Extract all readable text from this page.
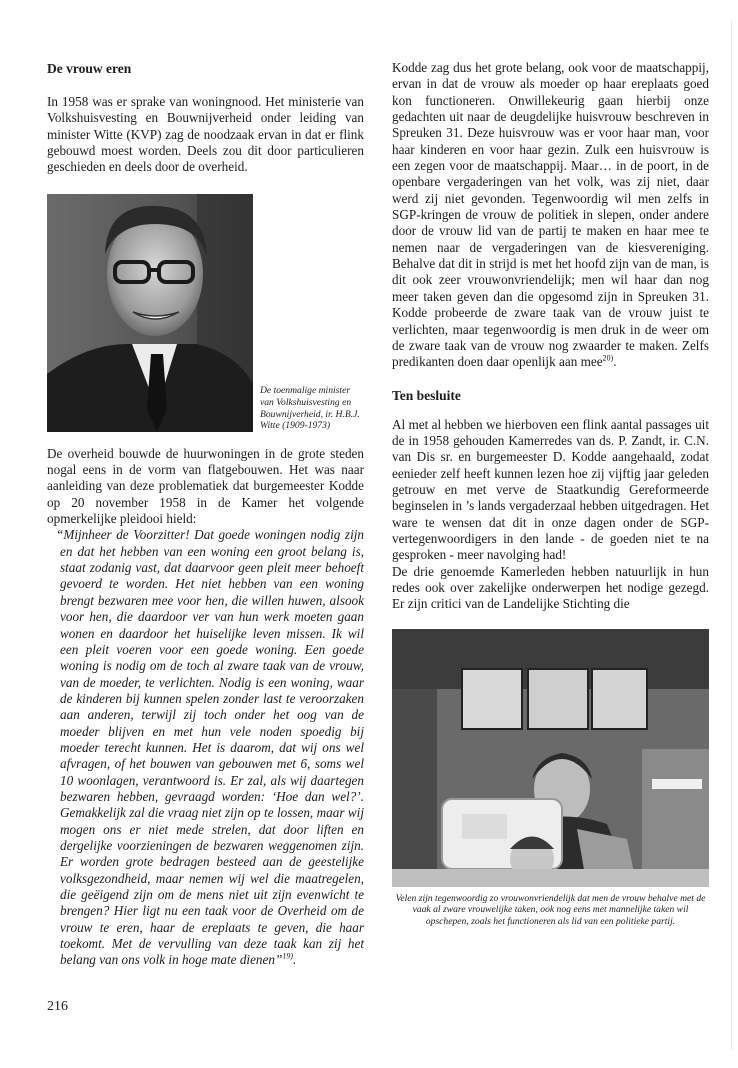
De vrouw eren

In 1958 was er sprake van woningnood. Het ministerie van Volkshuisvesting en Bouwnijverheid onder leiding van minister Witte (KVP) zag de noodzaak ervan in dat er flink gebouwd moest worden. Deels zou dit door particulieren geschieden en deels door de overheid.

De toenmalige minister van Volkshuisvesting en Bouwnijverheid, ir. H.B.J. Witte (1909-1973)

De overheid bouwde de huurwoningen in de grote steden nogal eens in de vorm van flatgebouwen. Het was naar aanleiding van deze problematiek dat burgemeester Kodde op 20 november 1958 in de Kamer het volgende opmerkelijke pleidooi hield:

“Mijnheer de Voorzitter! Dat goede woningen nodig zijn en dat het hebben van een woning een groot belang is, staat zodanig vast, dat daarvoor geen pleit meer behoeft gevoerd te worden. Het niet hebben van een woning brengt bezwaren mee voor hen, die willen huwen, alsook voor hen, die daardoor ver van hun werk moeten gaan wonen en daardoor het huiselijke leven missen. Ik wil een pleit voeren voor een goede woning. Een goede woning is nodig om de toch al zware taak van de vrouw, van de moeder, te verlichten. Nodig is een woning, waar de kinderen bij kunnen spelen zonder last te veroorzaken aan anderen, terwijl zij toch onder het oog van de moeder blijven en met hun vele noden spoedig bij moeder terecht kunnen. Het is daarom, dat wij ons wel afvragen, of het bouwen van gebouwen met 6, soms wel 10 woonlagen, verantwoord is. Er zal, als wij daartegen bezwaren hebben, gevraagd worden: ‘Hoe dan wel?’. Gemakkelijk zal die vraag niet zijn op te lossen, maar wij mogen ons er niet mede strelen, dat door liften en dergelijke voorzieningen de bezwaren weggenomen zijn. Er worden grote bedragen besteed aan de geestelijke volksgezondheid, maar nemen wij wel die maatregelen, die geëigend zijn om de mens niet uit zijn evenwicht te brengen? Hier ligt nu een taak voor de Overheid om de vrouw te eren, haar de ereplaats te geven, die haar toekomt. Met de vervulling van deze taak kan zij het belang van ons volk in hoge mate dienen”$^{19)}$.

Kodde zag dus het grote belang, ook voor de maatschappij, ervan in dat de vrouw als moeder op haar ereplaats goed kon functioneren. Onwillekeurig gaan hierbij onze gedachten uit naar de deugdelijke huisvrouw beschreven in Spreuken 31. Deze huisvrouw was er voor haar man, voor haar kinderen en voor haar gezin. Zulk een huisvrouw is een zegen voor de maatschappij. Maar… in de poort, in de openbare vergaderingen van het volk, was zij niet, daar werd zij niet gevonden. Tegenwoordig wil men zelfs in SGP-kringen de vrouw de politiek in slepen, onder andere door de vrouw lid van de partij te maken en haar mee te nemen naar de vergaderingen van de kiesvereniging. Behalve dat dit in strijd is met het hoofd zijn van de man, is dit ook zeer vrouwonvriendelijk; men wil haar dan nog meer taken geven dan die opgesomd zijn in Spreuken 31. Kodde probeerde de zware taak van de vrouw juist te verlichten, maar tegenwoordig is men druk in de weer om de zware taak van de vrouw nog zwaarder te maken. Zelfs predikanten doen daar openlijk aan mee$^{20)}$.

Ten besluite

Al met al hebben we hierboven een flink aantal passages uit de in 1958 gehouden Kamerredes van ds. P. Zandt, ir. C.N. van Dis sr. en burgemeester D. Kodde aangehaald, zodat eenieder zelf heeft kunnen lezen hoe zij vijftig jaar geleden getrouw en met verve de Staatkundig Gereformeerde beginselen in ’s lands vergaderzaal hebben uitgedragen. Het ware te wensen dat dit in onze dagen onder de SGP-vertegenwoordigers in den lande - de goeden niet te na gesproken - meer navolging had!

De drie genoemde Kamerleden hebben natuurlijk in hun redes ook over zakelijke onderwerpen het nodige gezegd. Er zijn critici van de Landelijke Stichting die

Velen zijn tegenwoordig zo vrouwonvriendelijk dat men de vrouw behalve met de vaak al zware vrouwelijke taken, ook nog eens met mannelijke taken wil opschepen, zoals het functioneren als lid van een politieke partij.
216
